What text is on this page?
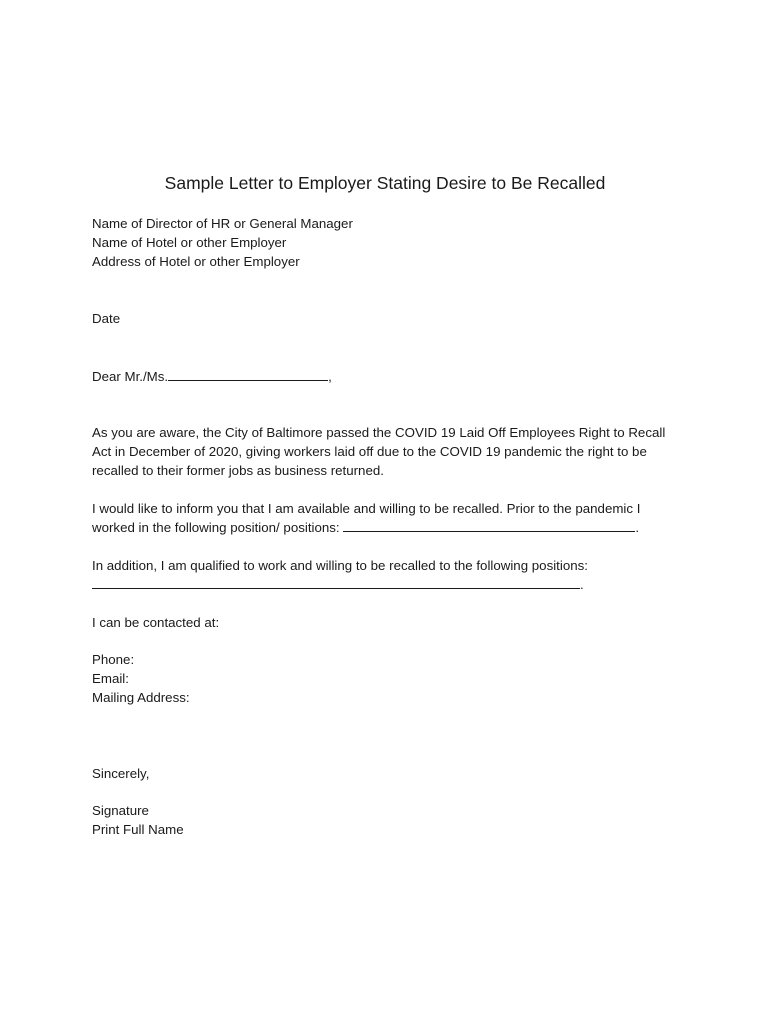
Sample Letter to Employer Stating Desire to Be Recalled
Name of Director of HR or General Manager
Name of Hotel or other Employer
Address of Hotel or other Employer
Date
Dear Mr./Ms.	,
As you are aware, the City of Baltimore passed the COVID 19 Laid Off Employees Right to Recall
Act in December of 2020, giving workers laid off due to the COVID 19 pandemic the right to be
recalled to their former jobs as business returned.
I would like to inform you that I am available and willing to be recalled. Prior to the pandemic I
worked in the following position/ positions:	.
In addition, I am qualified to work and willing to be recalled to the following positions:
.
I can be contacted at:
Phone:
Email:
Mailing Address:
Sincerely,
Signature
Print Full Name
